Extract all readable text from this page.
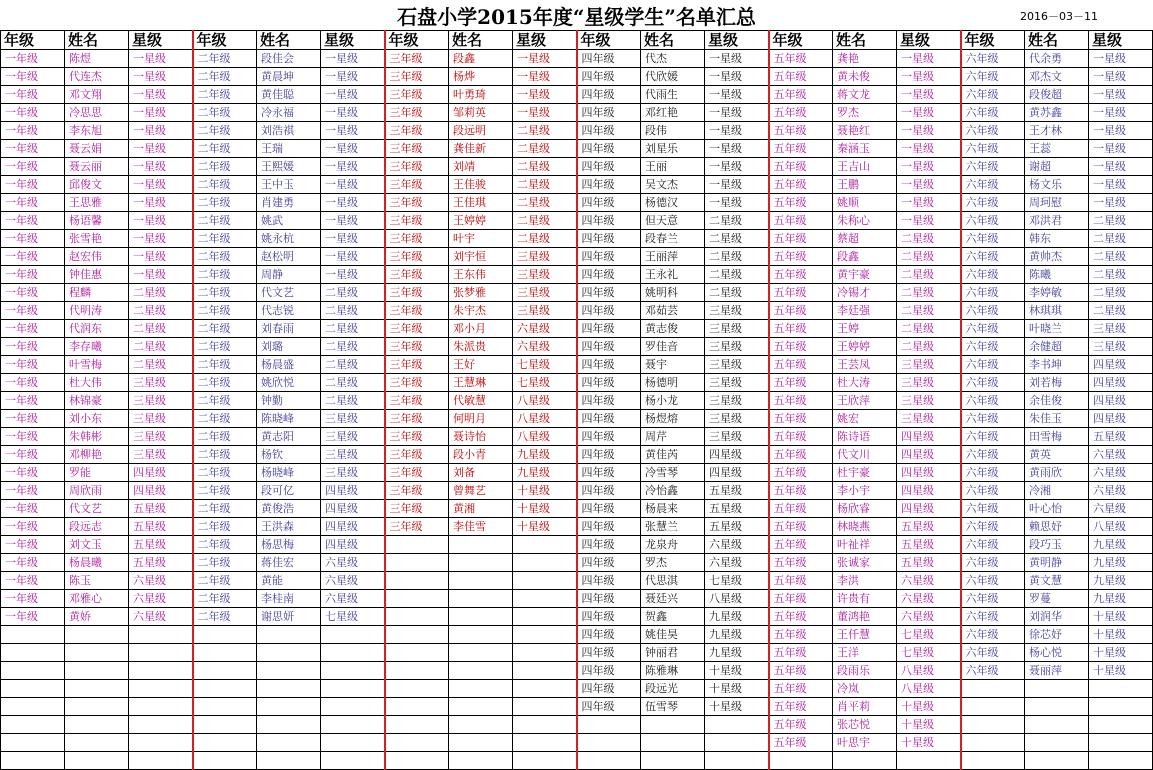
石盘小学2015年度“星级学生”名单汇总	2016－03－11
年级	姓名	星级	年级	姓名	星级	年级	姓名	星级	年级	姓名	星级	年级	姓名	星级	年级	姓名	星级
一年级	陈煜	一星级	二年级	段佳会	一星级	三年级	段鑫	一星级	四年级	代杰	一星级	五年级	龚艳	一星级	六年级	代余勇	一星级
一年级	代连杰	一星级	二年级	黄晨坤	一星级	三年级	杨烨	一星级	四年级	代欣媛	一星级	五年级	黄未俊	一星级	六年级	邓杰文	一星级
一年级	邓文翔	一星级	二年级	黄佳聪	一星级	三年级	叶勇琦	一星级	四年级	代雨生	一星级	五年级	蒋文龙	一星级	六年级	段俊超	一星级
一年级	冷思思	一星级	二年级	冷永福	一星级	三年级	邹莉英	一星级	四年级	邓红艳	一星级	五年级	罗杰	一星级	六年级	黄苏鑫	一星级
一年级	李东旭	一星级	二年级	刘浩祺	一星级	三年级	段远明	二星级	四年级	段伟	一星级	五年级	聂艳红	一星级	六年级	王才林	一星级
一年级	聂云娟	一星级	二年级	王瑞	一星级	三年级	龚佳新	二星级	四年级	刘星乐	一星级	五年级	秦涵玉	一星级	六年级	王蕊	一星级
一年级	聂云丽	一星级	二年级	王熙媛	一星级	三年级	刘靖	二星级	四年级	王丽	一星级	五年级	王吉山	一星级	六年级	谢超	一星级
一年级	邱俊文	一星级	二年级	王中玉	一星级	三年级	王佳骏	二星级	四年级	吴文杰	一星级	五年级	王鹏	一星级	六年级	杨文乐	一星级
一年级	王思雅	一星级	二年级	肖建勇	一星级	三年级	王佳琪	二星级	四年级	杨德汉	一星级	五年级	姚顺	一星级	六年级	周珂慰	一星级
一年级	杨语馨	一星级	二年级	姚武	一星级	三年级	王婷婷	二星级	四年级	但天意	二星级	五年级	朱称心	一星级	六年级	邓洪君	二星级
一年级	张雪艳	一星级	二年级	姚永杭	一星级	三年级	叶宇	二星级	四年级	段春兰	二星级	五年级	蔡超	二星级	六年级	韩东	二星级
一年级	赵宏伟	一星级	二年级	赵松明	一星级	三年级	刘宇恒	三星级	四年级	王丽萍	二星级	五年级	段鑫	二星级	六年级	黄帅杰	二星级
一年级	钟佳惠	一星级	二年级	周静	一星级	三年级	王东伟	三星级	四年级	王永礼	二星级	五年级	黄宇豪	二星级	六年级	陈曦	二星级
一年级	程麟	二星级	二年级	代文艺	二星级	三年级	张梦雅	三星级	四年级	姚明科	二星级	五年级	冷锡才	二星级	六年级	李婷敏	二星级
一年级	代明涛	二星级	二年级	代志锐	二星级	三年级	朱宇杰	三星级	四年级	邓茹芸	三星级	五年级	李廷强	二星级	六年级	林琪琪	二星级
一年级	代润东	二星级	二年级	刘春雨	二星级	三年级	邓小月	六星级	四年级	黄志俊	三星级	五年级	王婷	二星级	六年级	叶晓兰	三星级
一年级	李存曦	二星级	二年级	刘璐	二星级	三年级	朱派贵	六星级	四年级	罗佳音	三星级	五年级	王婷婷	二星级	六年级	余健超	三星级
一年级	叶雪梅	二星级	二年级	杨晨盛	二星级	三年级	王好	七星级	四年级	聂宇	三星级	五年级	王芸凤	三星级	六年级	李书坤	四星级
一年级	杜大伟	三星级	二年级	姚欣悦	二星级	三年级	王慧琳	七星级	四年级	杨德明	三星级	五年级	杜大涛	三星级	六年级	刘若梅	四星级
一年级	林锦豪	三星级	二年级	钟勤	二星级	三年级	代敏慧	八星级	四年级	杨小龙	三星级	五年级	王欣萍	三星级	六年级	余佳俊	四星级
一年级	刘小东	三星级	二年级	陈晓峰	三星级	三年级	何明月	八星级	四年级	杨煜熔	三星级	五年级	姚宏	三星级	六年级	朱佳玉	四星级
一年级	朱韩彬	三星级	二年级	黄志阳	三星级	三年级	聂诗怡	八星级	四年级	周芹	三星级	五年级	陈诗语	四星级	六年级	田雪梅	五星级
一年级	邓柳艳	三星级	二年级	杨钦	三星级	三年级	段小青	九星级	四年级	黄佳芮	四星级	五年级	代文川	四星级	六年级	黄英	六星级
一年级	罗能	四星级	二年级	杨晓峰	三星级	三年级	刘备	九星级	四年级	冷雪琴	四星级	五年级	杜宇豪	四星级	六年级	黄雨欣	六星级
一年级	周欣雨	四星级	二年级	段可亿	四星级	三年级	曾舞艺	十星级	四年级	冷怡鑫	五星级	五年级	李小宇	四星级	六年级	冷湘	六星级
一年级	代文艺	五星级	二年级	黄俊浩	四星级	三年级	黄湘	十星级	四年级	杨晨来	五星级	五年级	杨欣睿	四星级	六年级	叶心怡	六星级
一年级	段远志	五星级	二年级	王洪森	四星级	三年级	李佳雪	十星级	四年级	张慧兰	五星级	五年级	林晓燕	五星级	六年级	赖思妤	八星级
一年级	刘文玉	五星级	二年级	杨思梅	四星级				四年级	龙泉舟	六星级	五年级	叶祉祥	五星级	六年级	段巧玉	九星级
一年级	杨晨曦	五星级	二年级	蒋佳宏	六星级				四年级	罗杰	六星级	五年级	张诚家	五星级	六年级	黄明静	九星级
一年级	陈玉	六星级	二年级	黄能	六星级				四年级	代思淇	七星级	五年级	李洪	六星级	六年级	黄文慧	九星级
一年级	邓雅心	六星级	二年级	李桂南	六星级				四年级	聂廷兴	八星级	五年级	许贵有	六星级	六年级	罗蔓	九星级
一年级	黄娇	六星级	二年级	谢思妍	七星级				四年级	贺鑫	九星级	五年级	董鸿艳	六星级	六年级	刘润华	十星级
									四年级	姚佳昊	九星级	五年级	王仟慧	七星级	六年级	徐芯妤	十星级
									四年级	钟丽君	九星级	五年级	王洋	七星级	六年级	杨心悦	十星级
									四年级	陈雅琳	十星级	五年级	段雨乐	八星级	六年级	聂丽萍	十星级
									四年级	段远光	十星级	五年级	冷岚	八星级			
									四年级	伍雪琴	十星级	五年级	肖平莉	十星级			
												五年级	张芯悦	十星级			
												五年级	叶思宇	十星级			
